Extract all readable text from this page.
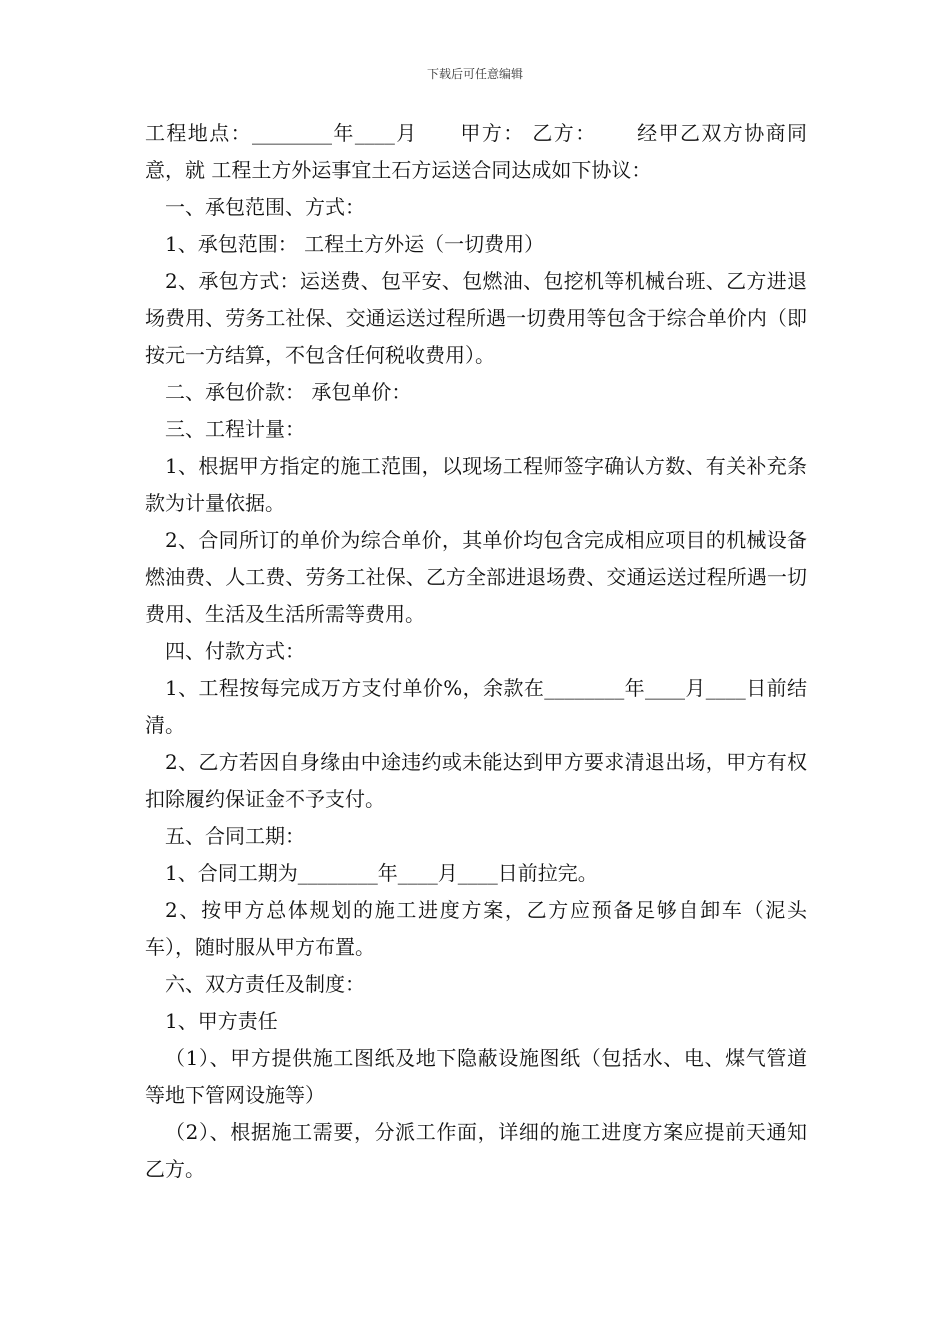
下载后可任意编辑

工程地点：________年____月　　甲方： 乙方：　　 经甲乙双方协商同意，就 工程土方外运事宜土石方运送合同达成如下协议：

一、承包范围、方式：

1、承包范围： 工程土方外运（一切费用）

2、承包方式：运送费、包平安、包燃油、包挖机等机械台班、乙方进退场费用、劳务工社保、交通运送过程所遇一切费用等包含于综合单价内（即按元一方结算，不包含任何税收费用）。

二、承包价款： 承包单价：

三、工程计量：

1、根据甲方指定的施工范围，以现场工程师签字确认方数、有关补充条款为计量依据。

2、合同所订的单价为综合单价，其单价均包含完成相应项目的机械设备燃油费、人工费、劳务工社保、乙方全部进退场费、交通运送过程所遇一切费用、生活及生活所需等费用。

四、付款方式：

1、工程按每完成万方支付单价%，余款在________年____月____日前结清。

2、乙方若因自身缘由中途违约或未能达到甲方要求清退出场，甲方有权扣除履约保证金不予支付。

五、合同工期：

1、合同工期为________年____月____日前拉完。

2、按甲方总体规划的施工进度方案，乙方应预备足够自卸车（泥头车），随时服从甲方布置。

六、双方责任及制度：

1、甲方责任

（1）、甲方提供施工图纸及地下隐蔽设施图纸（包括水、电、煤气管道等地下管网设施等）

（2）、根据施工需要，分派工作面，详细的施工进度方案应提前天通知乙方。
